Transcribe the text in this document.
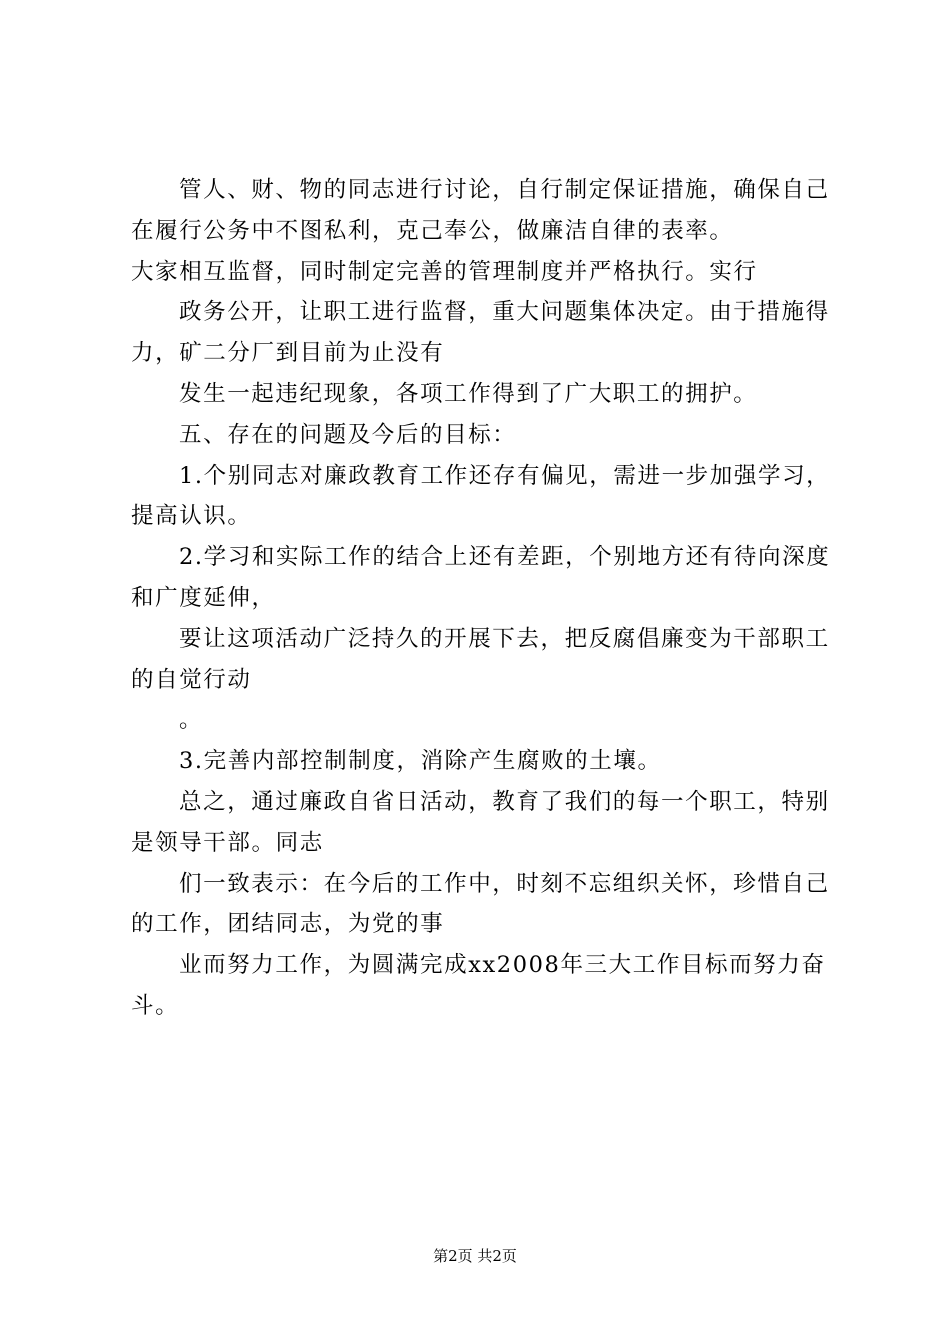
管人、财、物的同志进行讨论，自行制定保证措施，确保自己在履行公务中不图私利，克己奉公，做廉洁自律的表率。

大家相互监督，同时制定完善的管理制度并严格执行。实行

政务公开，让职工进行监督，重大问题集体决定。由于措施得力，矿二分厂到目前为止没有

发生一起违纪现象，各项工作得到了广大职工的拥护。

五、存在的问题及今后的目标：

1.个别同志对廉政教育工作还存有偏见，需进一步加强学习，提高认识。

2.学习和实际工作的结合上还有差距，个别地方还有待向深度和广度延伸，

要让这项活动广泛持久的开展下去，把反腐倡廉变为干部职工的自觉行动

。

3.完善内部控制制度，消除产生腐败的土壤。

总之，通过廉政自省日活动，教育了我们的每一个职工，特别是领导干部。同志

们一致表示：在今后的工作中，时刻不忘组织关怀，珍惜自己的工作，团结同志，为党的事

业而努力工作，为圆满完成xx2008年三大工作目标而努力奋斗。

第2页 共2页
